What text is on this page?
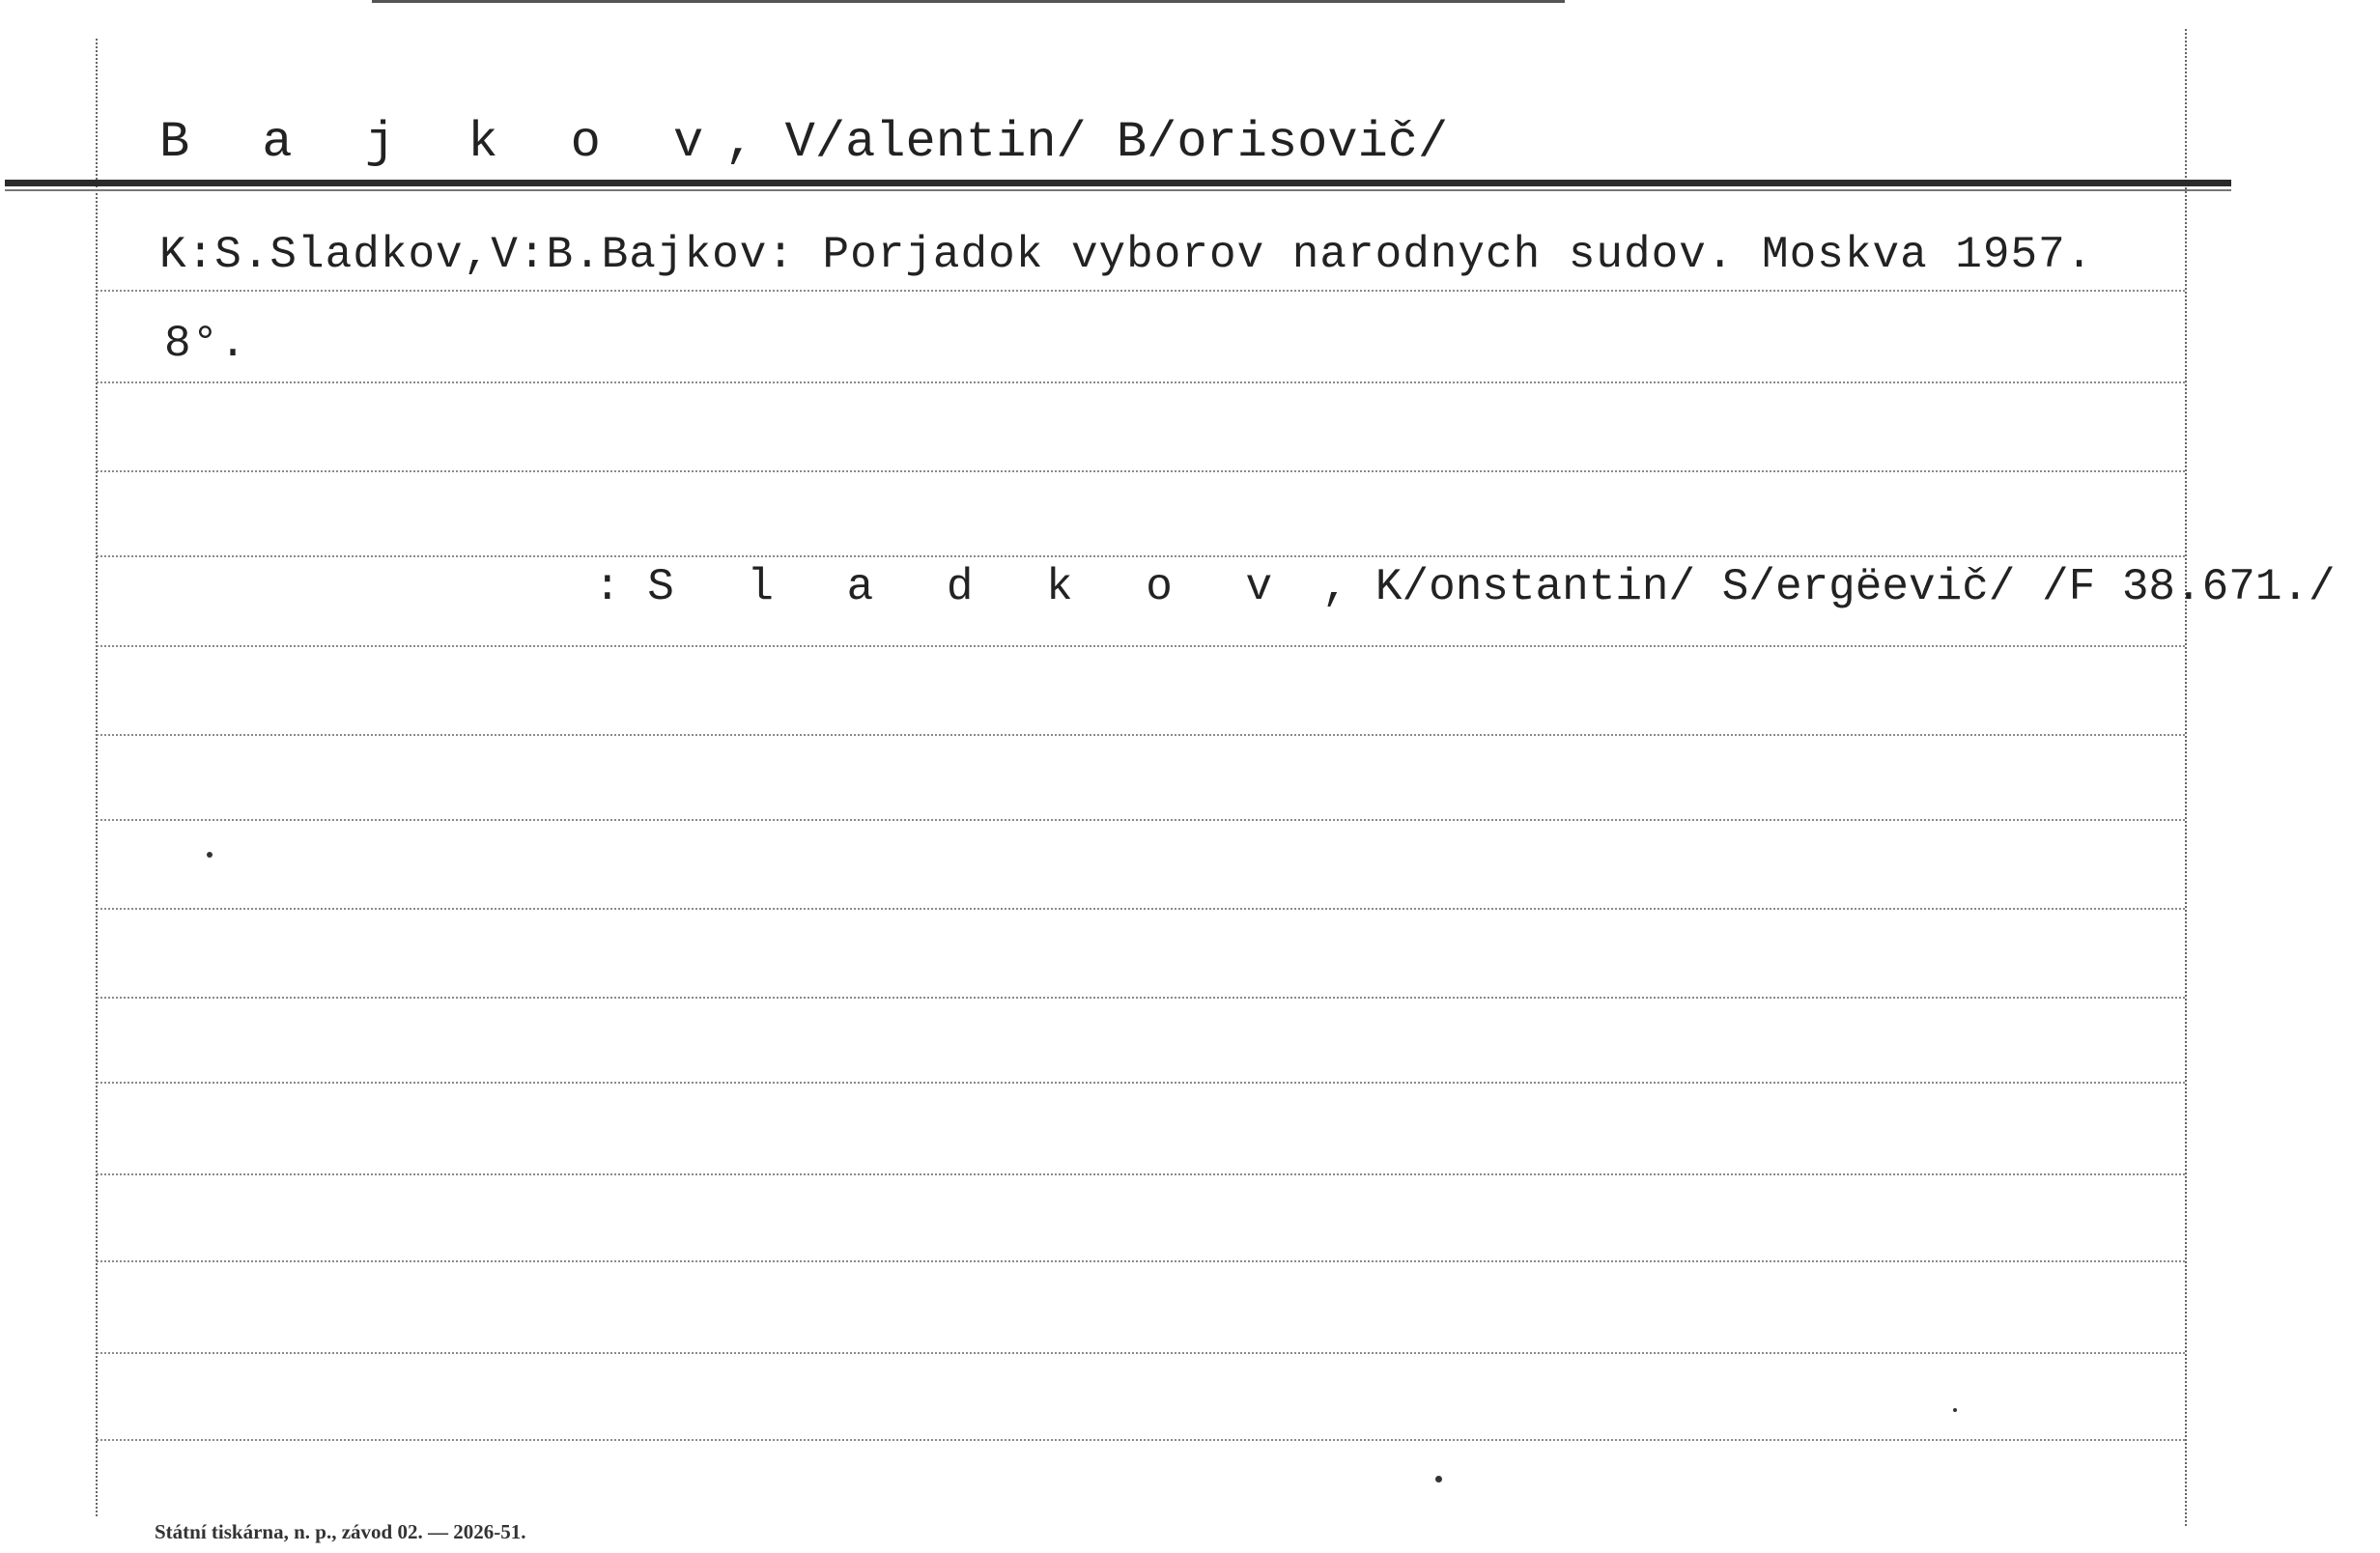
B a j k o v, V/alentin/ B/orisovič/
K:S.Sladkov,V:B.Bajkov: Porjadok vyborov narodnych sudov. Moskva 1957.
8°.
: S l a d k o v , K/onstantin/ S/ergëevič/ /F 38.671./
Státní tiskárna, n. p., závod 02. — 2026-51.
